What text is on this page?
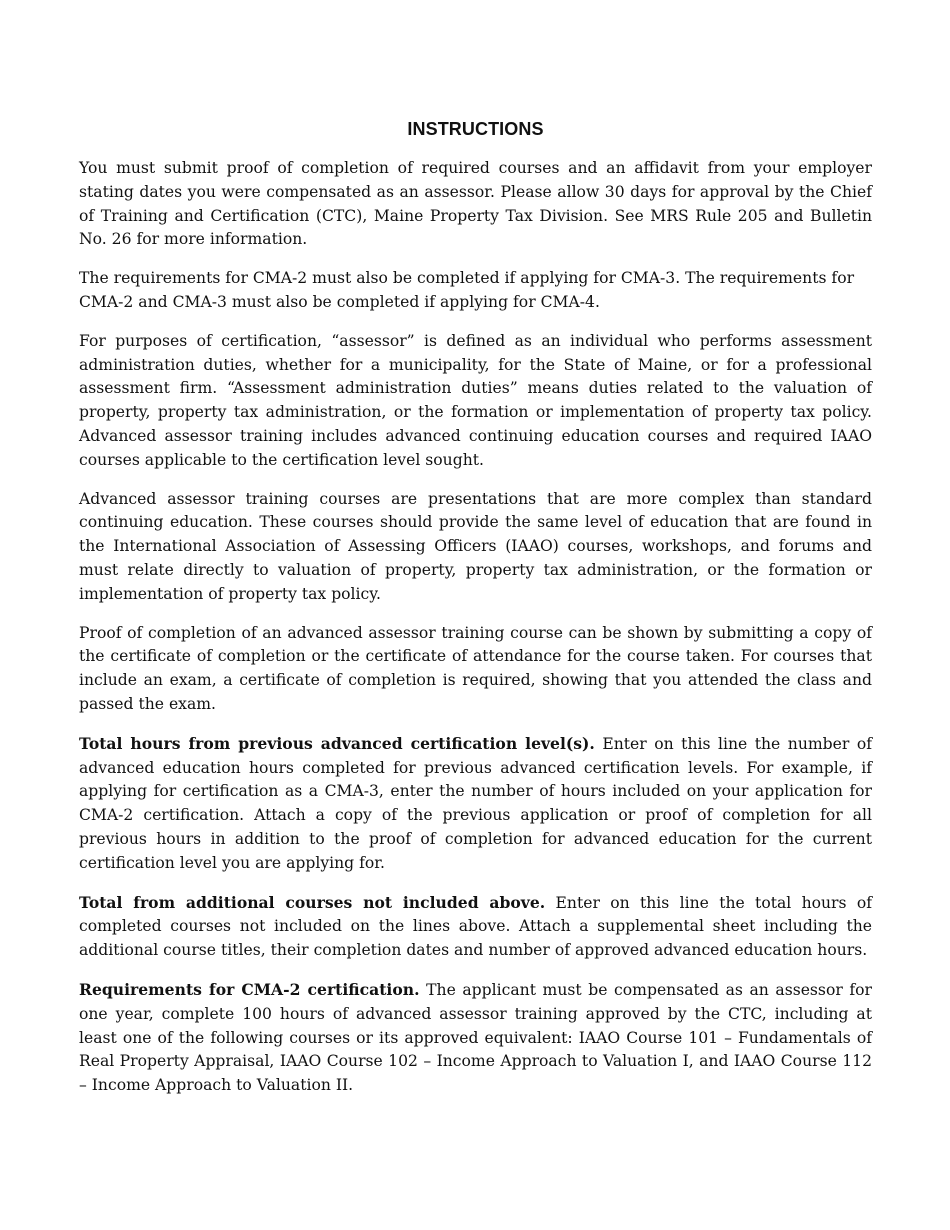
INSTRUCTIONS

You must submit proof of completion of required courses and an affidavit from your employer stating dates you were compensated as an assessor. Please allow 30 days for approval by the Chief of Training and Certification (CTC), Maine Property Tax Division. See MRS Rule 205 and Bulletin No. 26 for more information.

The requirements for CMA-2 must also be completed if applying for CMA-3. The requirements for CMA-2 and CMA-3 must also be completed if applying for CMA-4.

For purposes of certification, “assessor” is defined as an individual who performs assessment administration duties, whether for a municipality, for the State of Maine, or for a professional assessment firm. “Assessment administration duties” means duties related to the valuation of property, property tax administration, or the formation or implementation of property tax policy. Advanced assessor training includes advanced continuing education courses and required IAAO courses applicable to the certification level sought.

Advanced assessor training courses are presentations that are more complex than standard continuing education. These courses should provide the same level of education that are found in the International Association of Assessing Officers (IAAO) courses, workshops, and forums and must relate directly to valuation of property, property tax administration, or the formation or implementation of property tax policy.

Proof of completion of an advanced assessor training course can be shown by submitting a copy of the certificate of completion or the certificate of attendance for the course taken. For courses that include an exam, a certificate of completion is required, showing that you attended the class and passed the exam.

Total hours from previous advanced certification level(s). Enter on this line the number of advanced education hours completed for previous advanced certification levels. For example, if applying for certification as a CMA-3, enter the number of hours included on your application for CMA-2 certification. Attach a copy of the previous application or proof of completion for all previous hours in addition to the proof of completion for advanced education for the current certification level you are applying for.

Total from additional courses not included above. Enter on this line the total hours of completed courses not included on the lines above. Attach a supplemental sheet including the additional course titles, their completion dates and number of approved advanced education hours.

Requirements for CMA-2 certification. The applicant must be compensated as an assessor for one year, complete 100 hours of advanced assessor training approved by the CTC, including at least one of the following courses or its approved equivalent: IAAO Course 101 – Fundamentals of Real Property Appraisal, IAAO Course 102 – Income Approach to Valuation I, and IAAO Course 112 – Income Approach to Valuation II.
